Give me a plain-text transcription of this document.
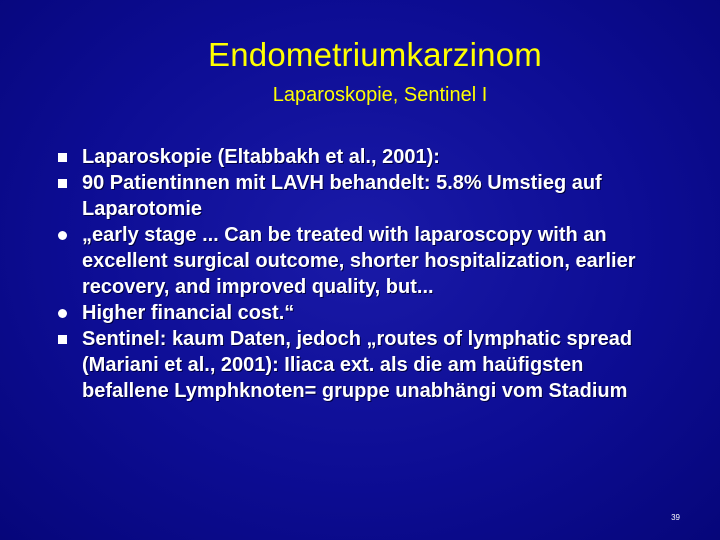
Endometriumkarzinom
Laparoskopie, Sentinel I
Laparoskopie (Eltabbakh et al., 2001):
90 Patientinnen mit LAVH behandelt: 5.8% Umstieg auf Laparotomie
„early stage ... Can be treated with laparoscopy with an excellent surgical outcome, shorter hospitalization, earlier recovery, and improved quality, but...
Higher financial cost.“
Sentinel: kaum Daten, jedoch „routes of lymphatic spread (Mariani et al., 2001): Iliaca ext. als die am haüfigsten befallene Lymphknoten= gruppe unabhängi vom Stadium
39
